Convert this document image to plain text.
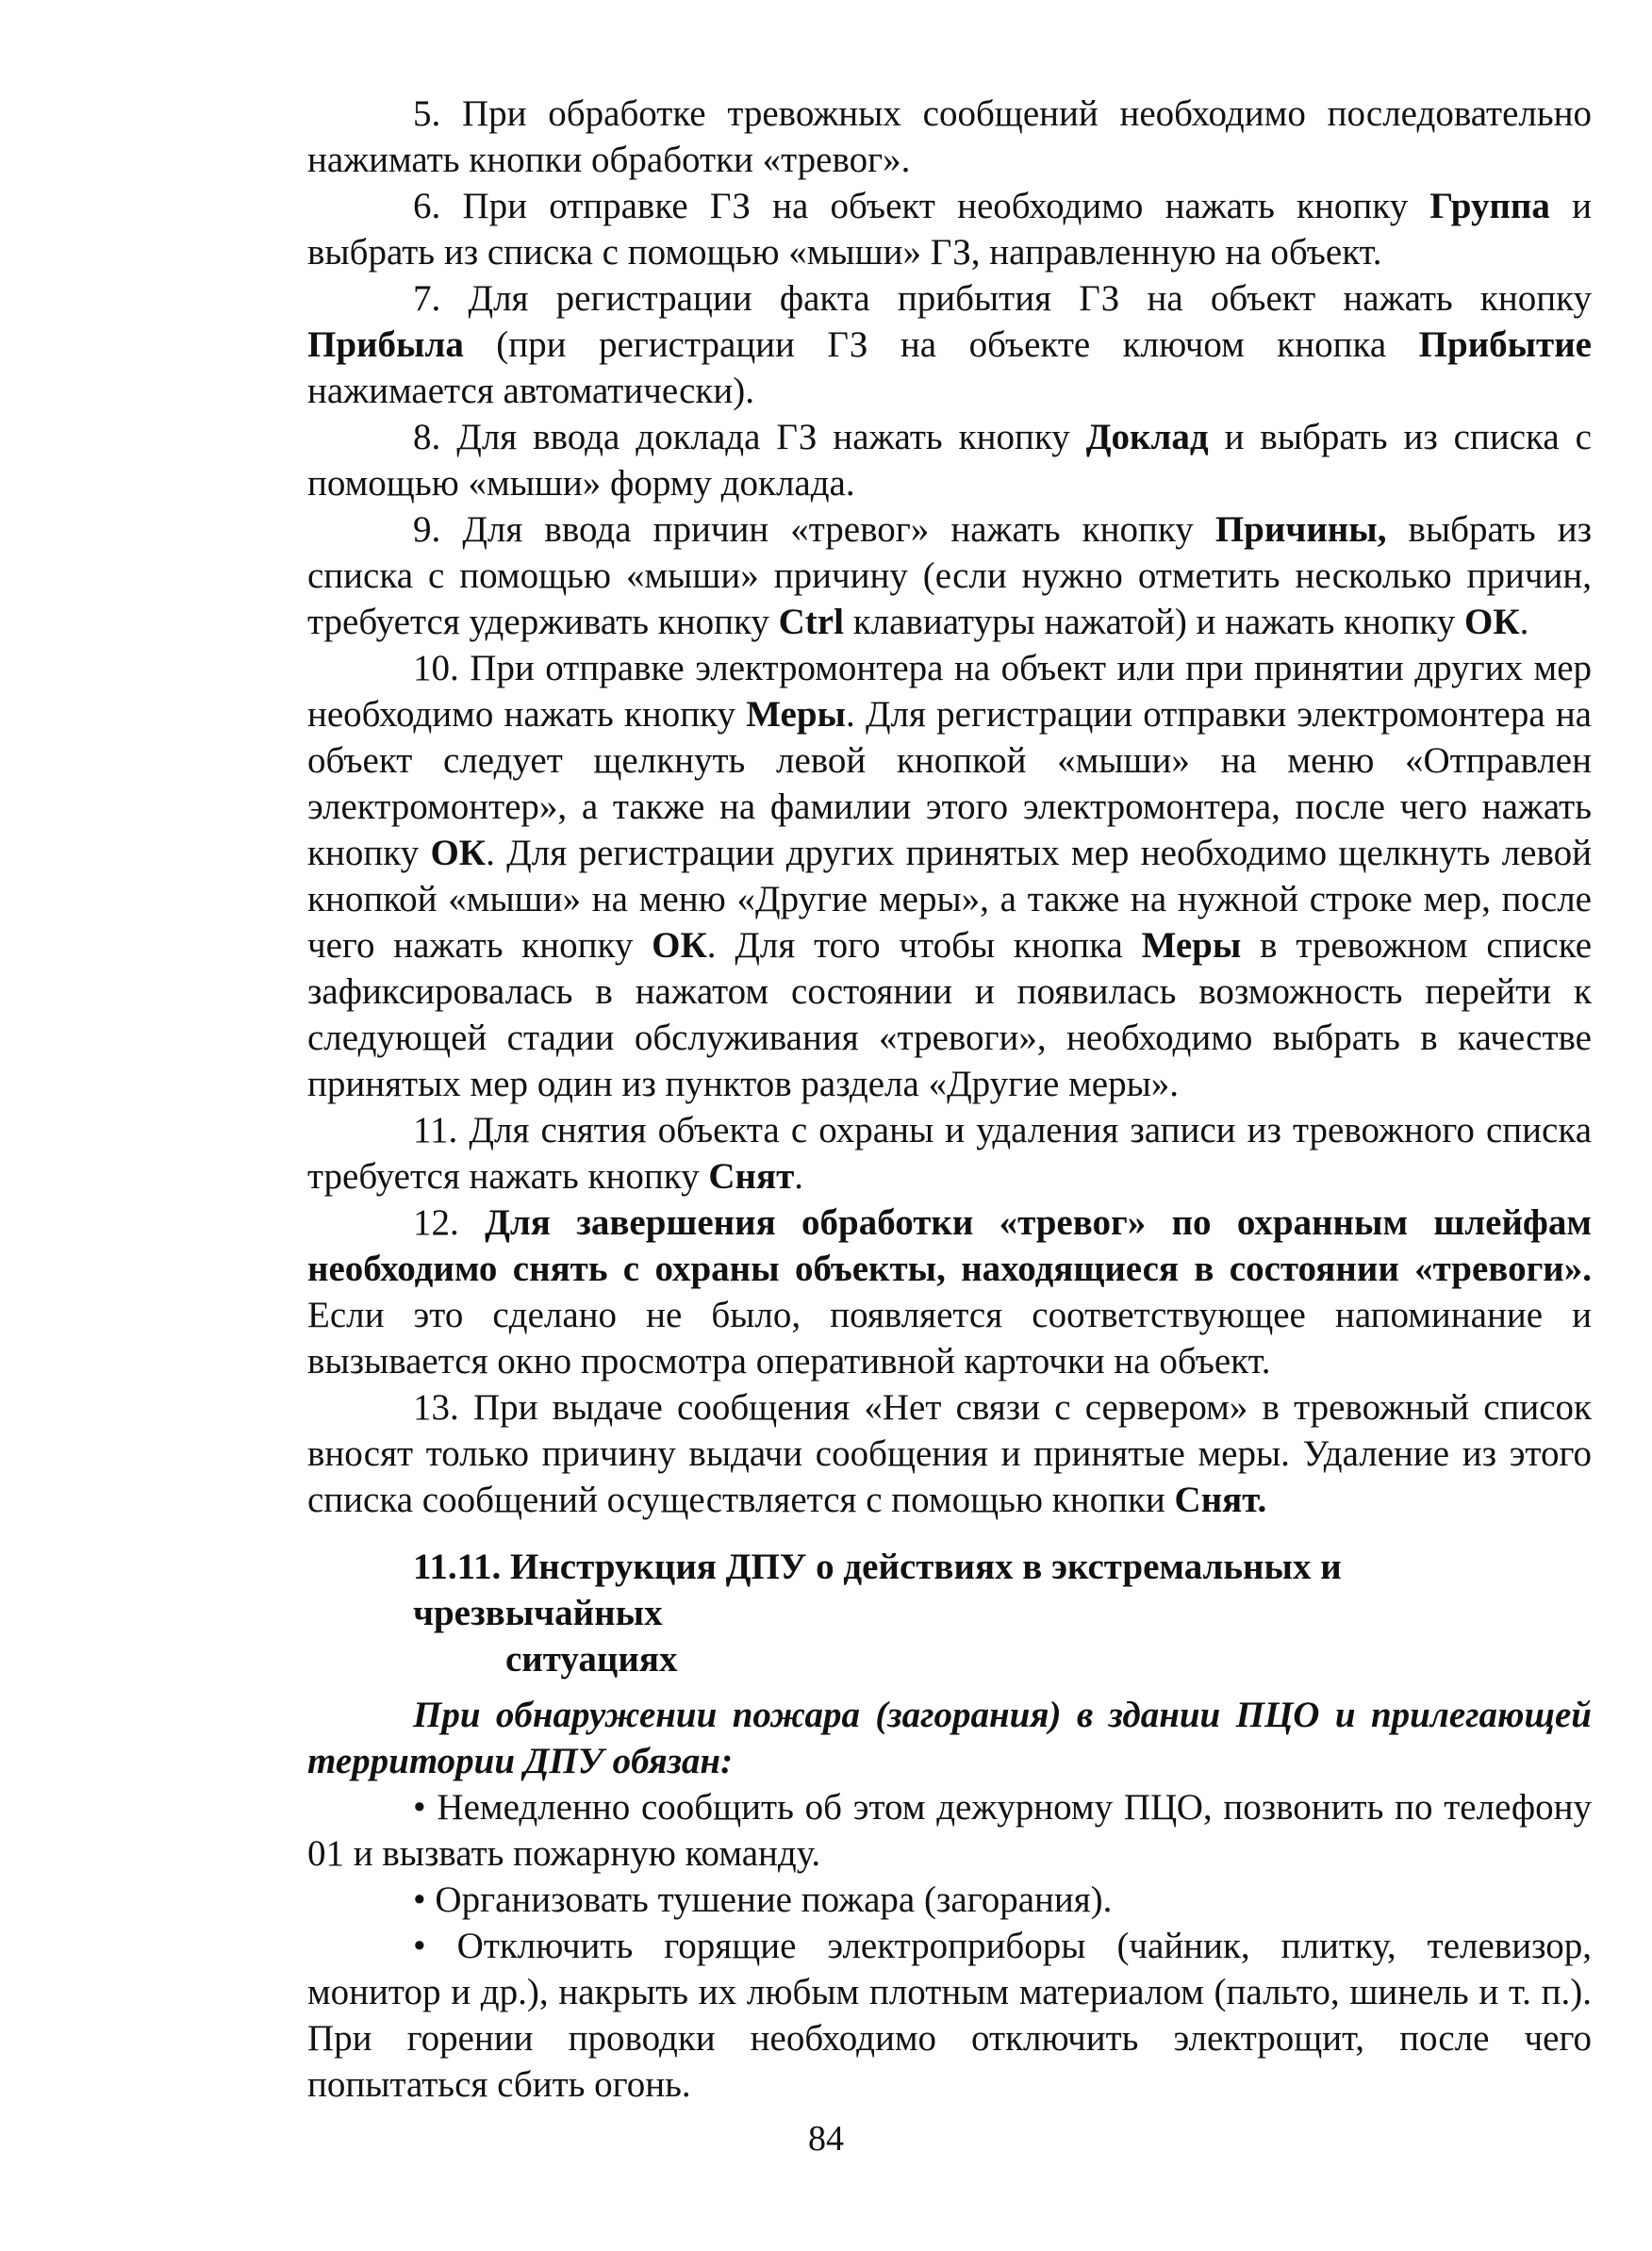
5. При обработке тревожных сообщений необходимо последовательно нажимать кнопки обработки «тревог».

6. При отправке ГЗ на объект необходимо нажать кнопку Группа и выбрать из списка с помощью «мыши» ГЗ, направленную на объект.

7. Для регистрации факта прибытия ГЗ на объект нажать кнопку Прибыла (при регистрации ГЗ на объекте ключом кнопка Прибытие нажимается автоматически).

8. Для ввода доклада ГЗ нажать кнопку Доклад и выбрать из списка с помощью «мыши» форму доклада.

9. Для ввода причин «тревог» нажать кнопку Причины, выбрать из списка с помощью «мыши» причину (если нужно отметить несколько причин, требуется удерживать кнопку Ctrl клавиатуры нажатой) и нажать кнопку ОК.

10. При отправке электромонтера на объект или при принятии других мер необходимо нажать кнопку Меры. Для регистрации отправки электромонтера на объект следует щелкнуть левой кнопкой «мыши» на меню «Отправлен электромонтер», а также на фамилии этого электромонтера, после чего нажать кнопку ОК. Для регистрации других принятых мер необходимо щелкнуть левой кнопкой «мыши» на меню «Другие меры», а также на нужной строке мер, после чего нажать кнопку ОК. Для того чтобы кнопка Меры в тревожном списке зафиксировалась в нажатом состоянии и появилась возможность перейти к следующей стадии обслуживания «тревоги», необходимо выбрать в качестве принятых мер один из пунктов раздела «Другие меры».

11. Для снятия объекта с охраны и удаления записи из тревожного списка требуется нажать кнопку Снят.

12. Для завершения обработки «тревог» по охранным шлейфам необходимо снять с охраны объекты, находящиеся в состоянии «тревоги». Если это сделано не было, появляется соответствующее напоминание и вызывается окно просмотра оперативной карточки на объект.

13. При выдаче сообщения «Нет связи с сервером» в тревожный список вносят только причину выдачи сообщения и принятые меры. Удаление из этого списка сообщений осуществляется с помощью кнопки Снят.

11.11. Инструкция ДПУ о действиях в экстремальных и чрезвычайных
ситуациях

При обнаружении пожара (загорания) в здании ПЦО и прилегающей территории ДПУ обязан:

• Немедленно сообщить об этом дежурному ПЦО, позвонить по телефону 01 и вызвать пожарную команду.

• Организовать тушение пожара (загорания).

• Отключить горящие электроприборы (чайник, плитку, телевизор, монитор и др.), накрыть их любым плотным материалом (пальто, шинель и т. п.). При горении проводки необходимо отключить электрощит, после чего попытаться сбить огонь.

84
